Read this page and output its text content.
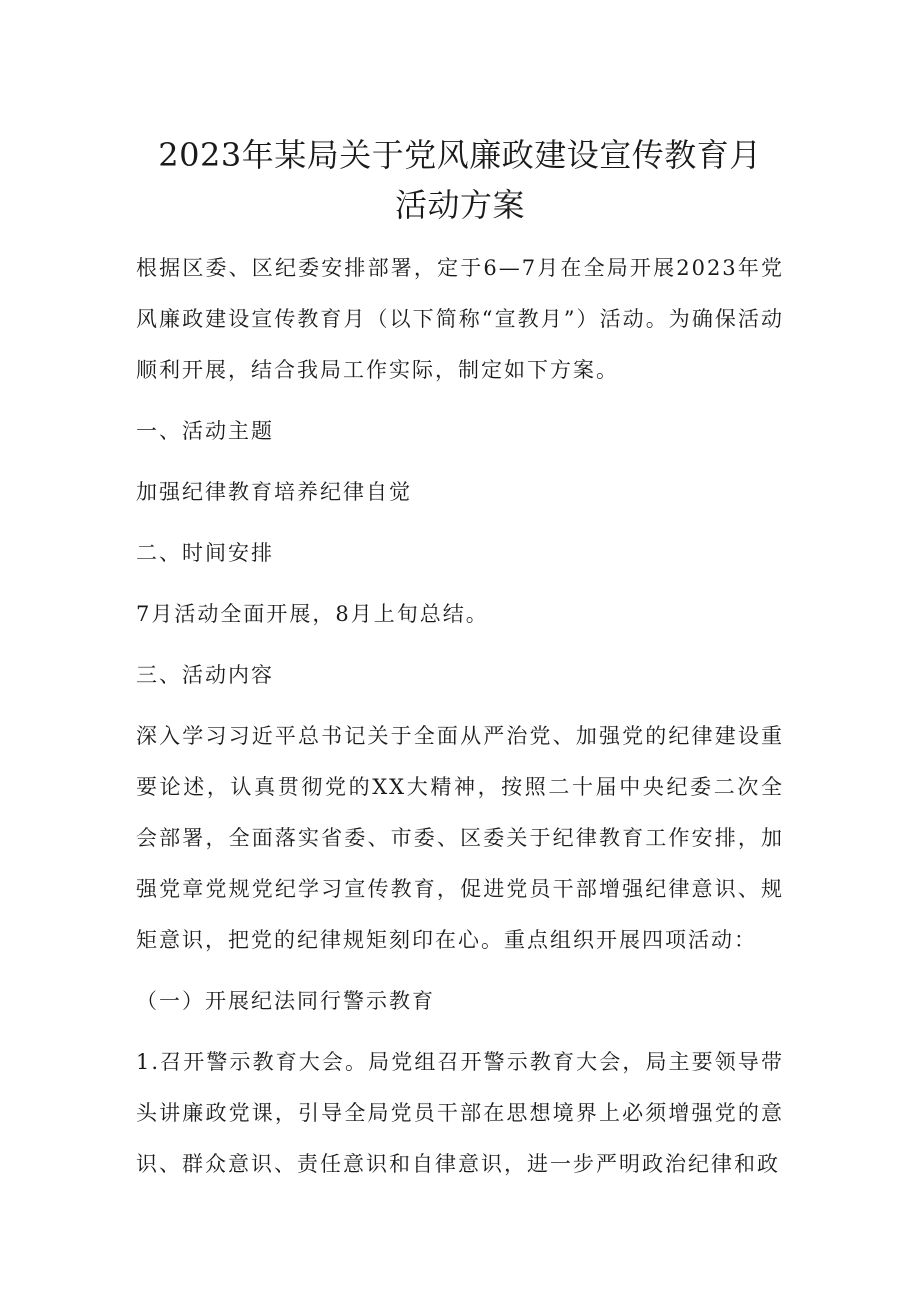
2023年某局关于党风廉政建设宣传教育月
活动方案

根据区委、区纪委安排部署，定于6—7月在全局开展2023年党风廉政建设宣传教育月（以下简称“宣教月”）活动。为确保活动顺利开展，结合我局工作实际，制定如下方案。

一、活动主题

加强纪律教育培养纪律自觉

二、时间安排

7月活动全面开展，8月上旬总结。

三、活动内容

深入学习习近平总书记关于全面从严治党、加强党的纪律建设重要论述，认真贯彻党的XX大精神，按照二十届中央纪委二次全会部署，全面落实省委、市委、区委关于纪律教育工作安排，加强党章党规党纪学习宣传教育，促进党员干部增强纪律意识、规矩意识，把党的纪律规矩刻印在心。重点组织开展四项活动：

（一）开展纪法同行警示教育

1.召开警示教育大会。局党组召开警示教育大会，局主要领导带头讲廉政党课，引导全局党员干部在思想境界上必须增强党的意识、群众意识、责任意识和自律意识，进一步严明政治纪律和政
